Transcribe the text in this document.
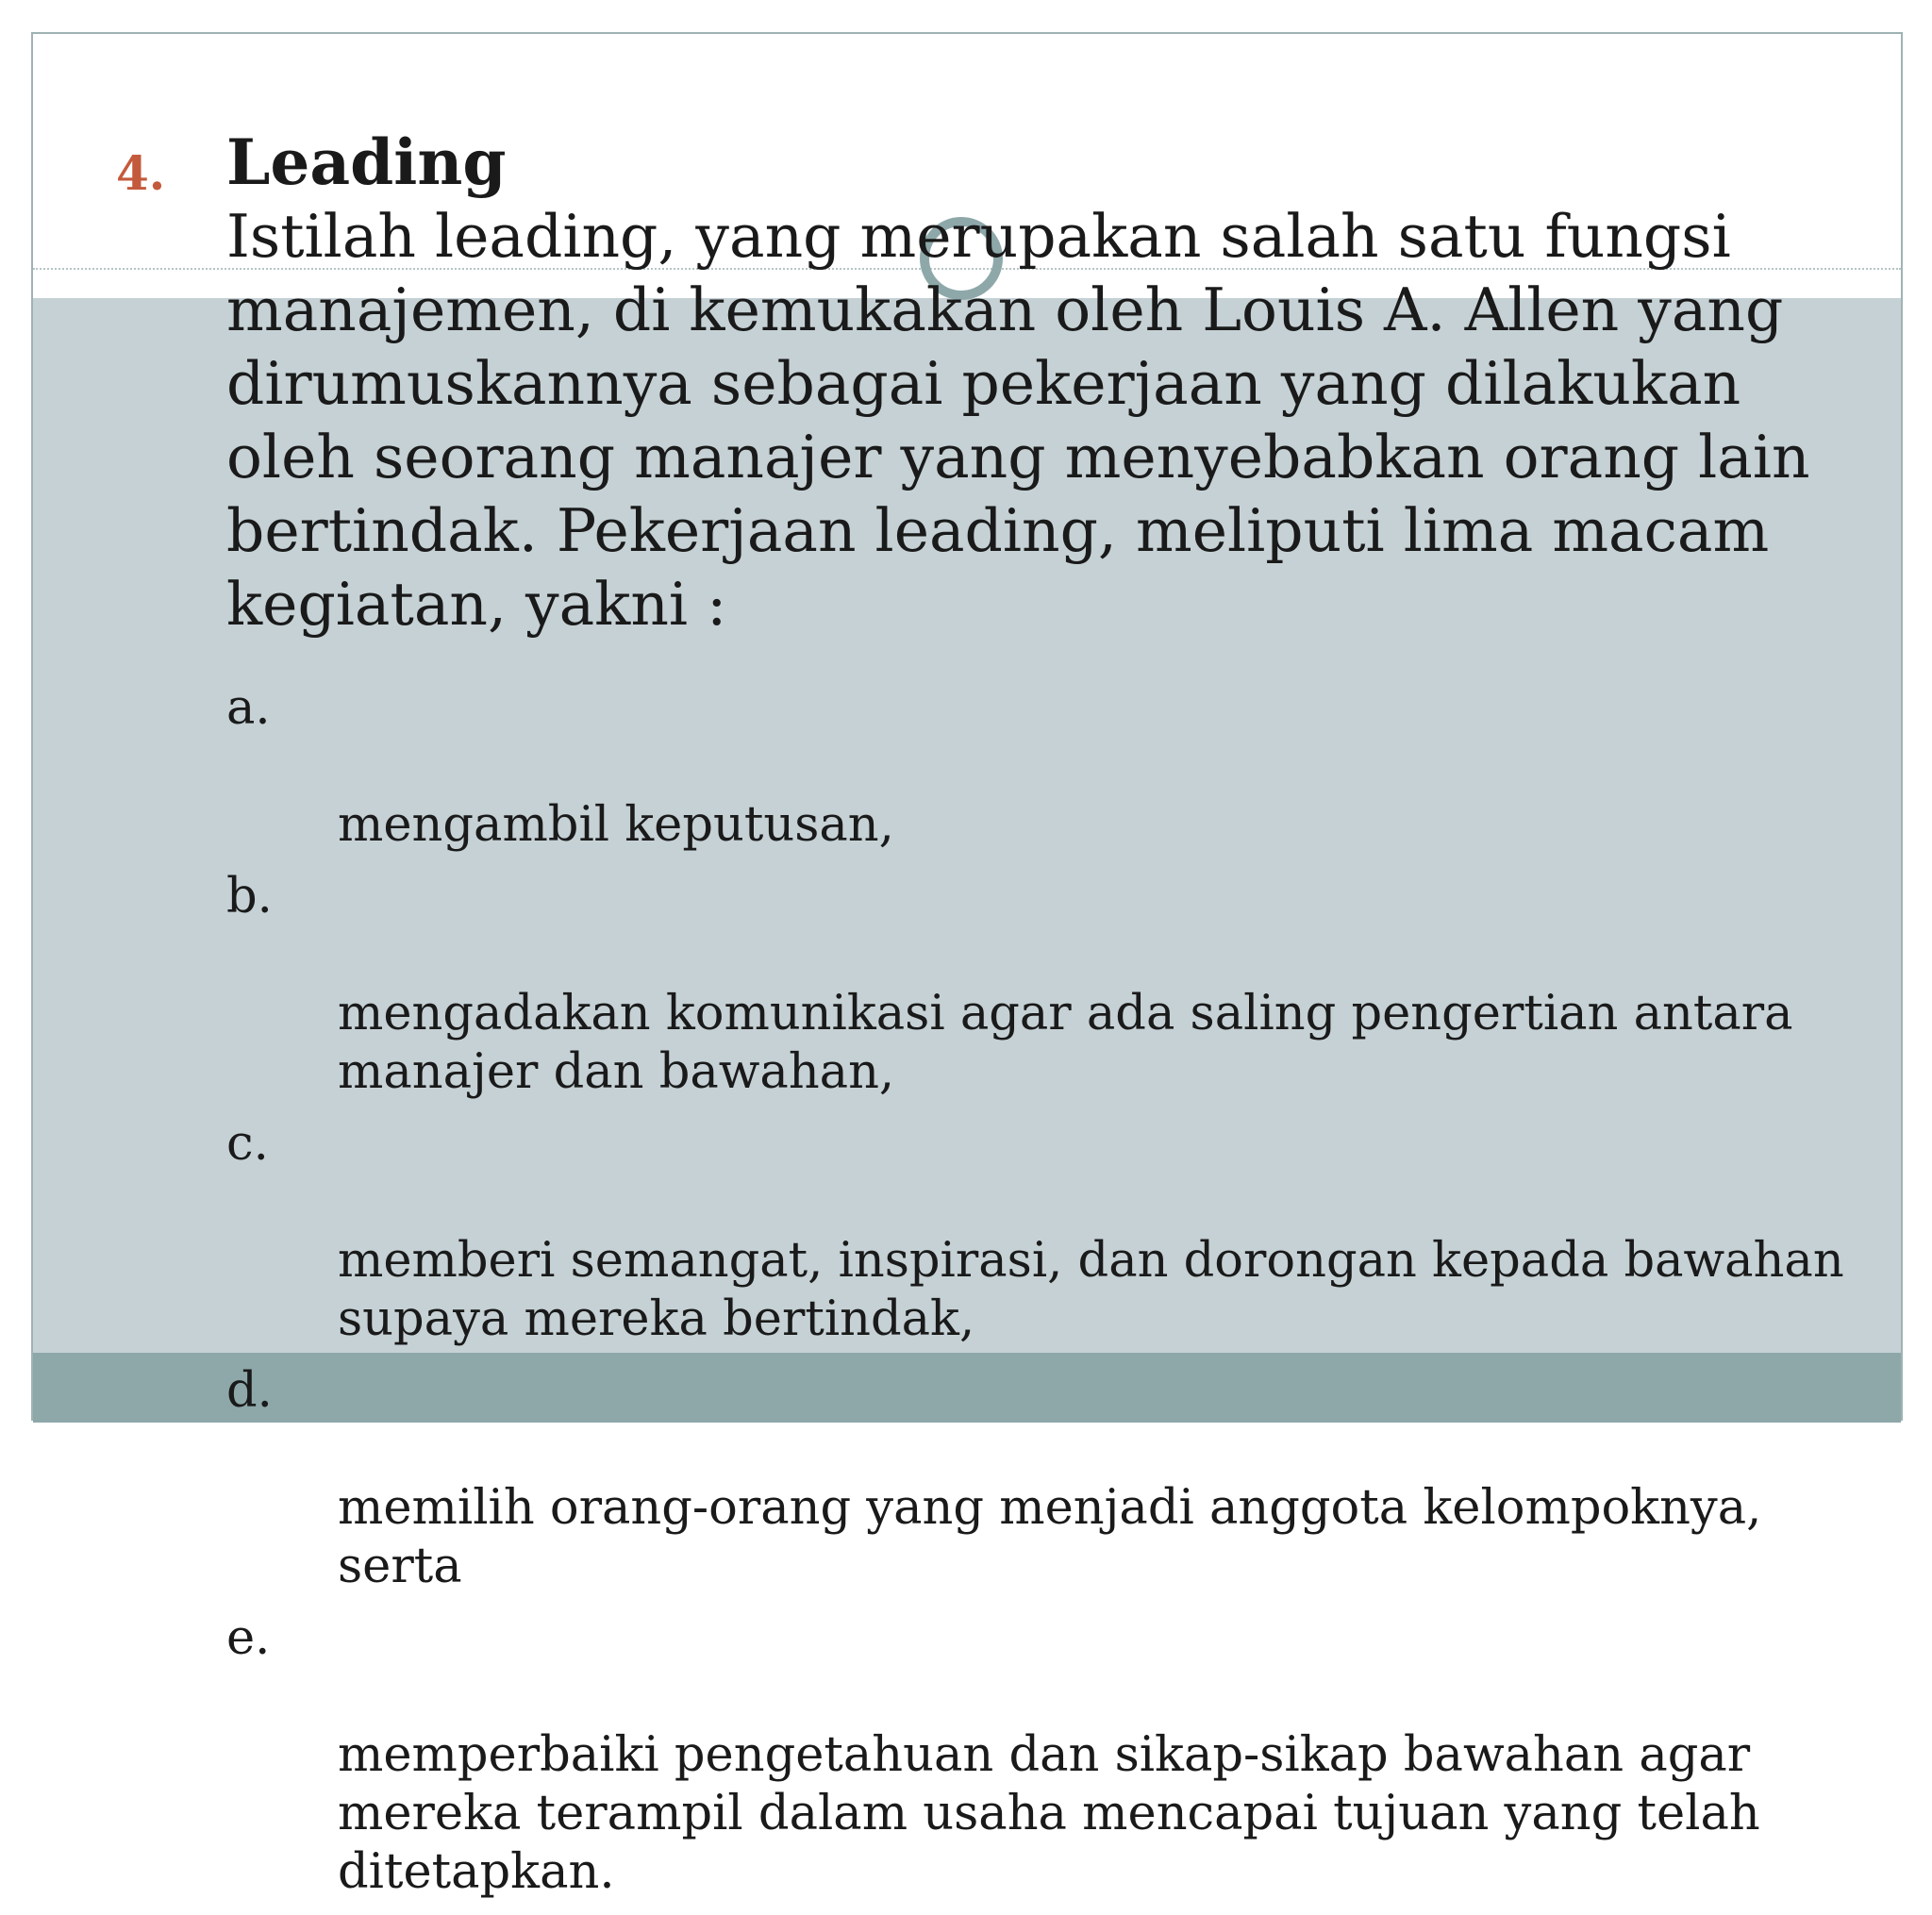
4. Leading
Istilah leading, yang merupakan salah satu fungsi
manajemen, di kemukakan oleh Louis A. Allen yang
dirumuskannya sebagai pekerjaan yang dilakukan
oleh seorang manajer yang menyebabkan orang lain
bertindak. Pekerjaan leading, meliputi lima macam
kegiatan, yakni :

a.

mengambil keputusan,

b.

mengadakan komunikasi agar ada saling pengertian antara
manajer dan bawahan,

c.

memberi semangat, inspirasi, dan dorongan kepada bawahan
supaya mereka bertindak,

d.

memilih orang-orang yang menjadi anggota kelompoknya,
serta

e.

memperbaiki pengetahuan dan sikap-sikap bawahan agar
mereka terampil dalam usaha mencapai tujuan yang telah
ditetapkan.
